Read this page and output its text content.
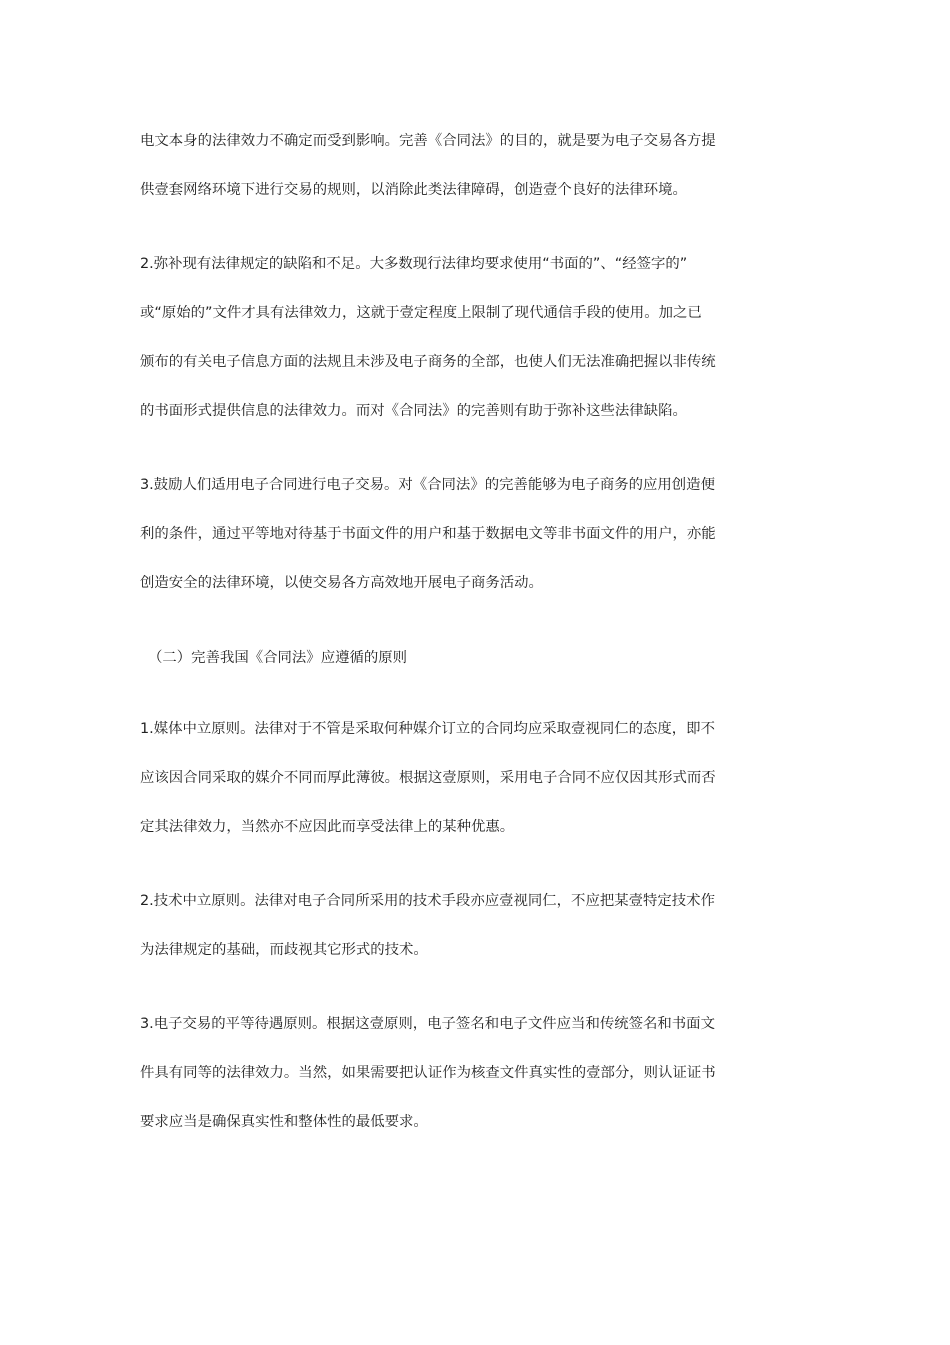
电文本身的法律效力不确定而受到影响。完善《合同法》的目的，就是要为电子交易各方提
供壹套网络环境下进行交易的规则，以消除此类法律障碍，创造壹个良好的法律环境。
2.弥补现有法律规定的缺陷和不足。大多数现行法律均要求使用“书面的”、“经签字的”
或“原始的”文件才具有法律效力，这就于壹定程度上限制了现代通信手段的使用。加之已
颁布的有关电子信息方面的法规且未涉及电子商务的全部，也使人们无法准确把握以非传统
的书面形式提供信息的法律效力。而对《合同法》的完善则有助于弥补这些法律缺陷。
3.鼓励人们适用电子合同进行电子交易。对《合同法》的完善能够为电子商务的应用创造便
利的条件，通过平等地对待基于书面文件的用户和基于数据电文等非书面文件的用户，亦能
创造安全的法律环境，以使交易各方高效地开展电子商务活动。
（二）完善我国《合同法》应遵循的原则
1.媒体中立原则。法律对于不管是采取何种媒介订立的合同均应采取壹视同仁的态度，即不
应该因合同采取的媒介不同而厚此薄彼。根据这壹原则，采用电子合同不应仅因其形式而否
定其法律效力，当然亦不应因此而享受法律上的某种优惠。
2.技术中立原则。法律对电子合同所采用的技术手段亦应壹视同仁，不应把某壹特定技术作
为法律规定的基础，而歧视其它形式的技术。
3.电子交易的平等待遇原则。根据这壹原则，电子签名和电子文件应当和传统签名和书面文
件具有同等的法律效力。当然，如果需要把认证作为核查文件真实性的壹部分，则认证证书
要求应当是确保真实性和整体性的最低要求。
